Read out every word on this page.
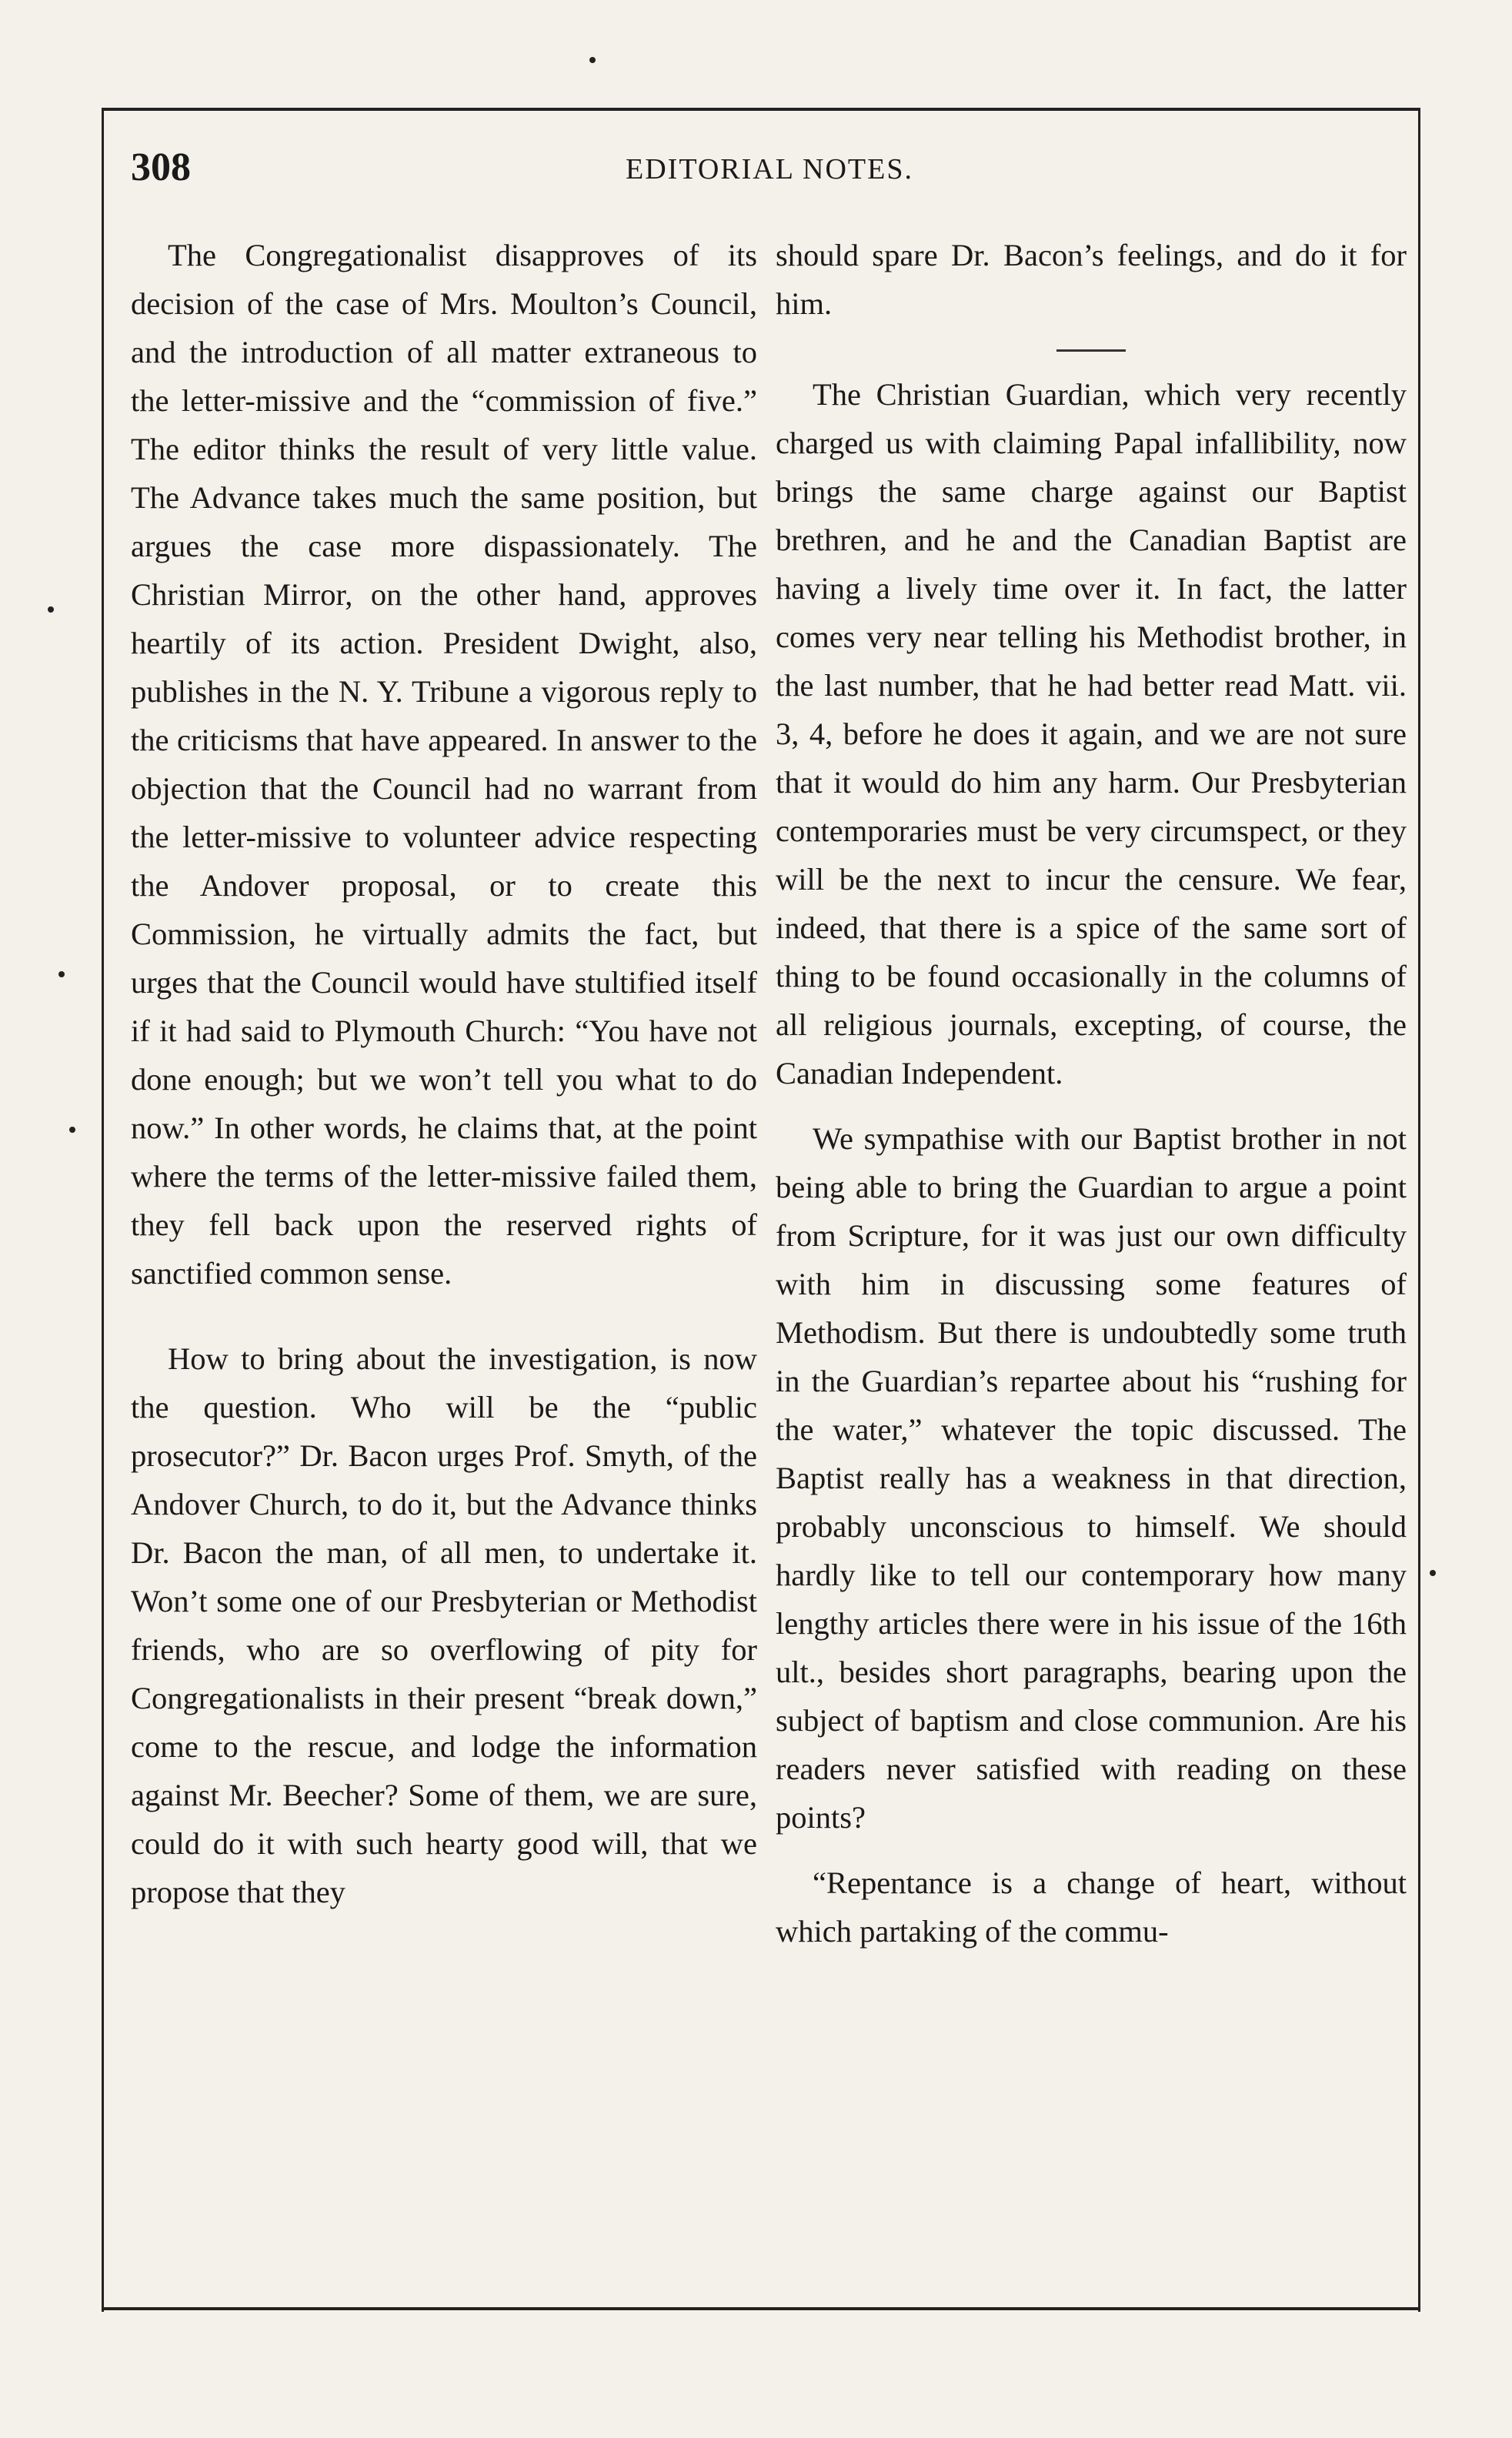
308	EDITORIAL NOTES.

The Congregationalist disapproves of its decision of the case of Mrs. Moulton’s Council, and the introduction of all matter extraneous to the letter-missive and the “commission of five.” The editor thinks the result of very little value. The Advance takes much the same position, but argues the case more dispassionately. The Christian Mirror, on the other hand, approves heartily of its action. President Dwight, also, publishes in the N. Y. Tribune a vigorous reply to the criticisms that have appeared. In answer to the objection that the Council had no warrant from the letter-missive to volunteer advice respecting the Andover proposal, or to create this Commission, he virtually admits the fact, but urges that the Council would have stultified itself if it had said to Plymouth Church: “You have not done enough; but we won’t tell you what to do now.” In other words, he claims that, at the point where the terms of the letter-missive failed them, they fell back upon the reserved rights of sanctified common sense.

How to bring about the investigation, is now the question. Who will be the “public prosecutor?” Dr. Bacon urges Prof. Smyth, of the Andover Church, to do it, but the Advance thinks Dr. Bacon the man, of all men, to undertake it. Won’t some one of our Presbyterian or Methodist friends, who are so overflowing of pity for Congregationalists in their present “break down,” come to the rescue, and lodge the information against Mr. Beecher? Some of them, we are sure, could do it with such hearty good will, that we propose that they

should spare Dr. Bacon’s feelings, and do it for him.

The Christian Guardian, which very recently charged us with claiming Papal infallibility, now brings the same charge against our Baptist brethren, and he and the Canadian Baptist are having a lively time over it. In fact, the latter comes very near telling his Methodist brother, in the last number, that he had better read Matt. vii. 3, 4, before he does it again, and we are not sure that it would do him any harm. Our Presbyterian contemporaries must be very circumspect, or they will be the next to incur the censure. We fear, indeed, that there is a spice of the same sort of thing to be found occasionally in the columns of all religious journals, excepting, of course, the Canadian Independent.

We sympathise with our Baptist brother in not being able to bring the Guardian to argue a point from Scripture, for it was just our own difficulty with him in discussing some features of Methodism. But there is undoubtedly some truth in the Guardian’s repartee about his “rushing for the water,” whatever the topic discussed. The Baptist really has a weakness in that direction, probably unconscious to himself. We should hardly like to tell our contemporary how many lengthy articles there were in his issue of the 16th ult., besides short paragraphs, bearing upon the subject of baptism and close communion. Are his readers never satisfied with reading on these points?

“Repentance is a change of heart, without which partaking of the commu-
